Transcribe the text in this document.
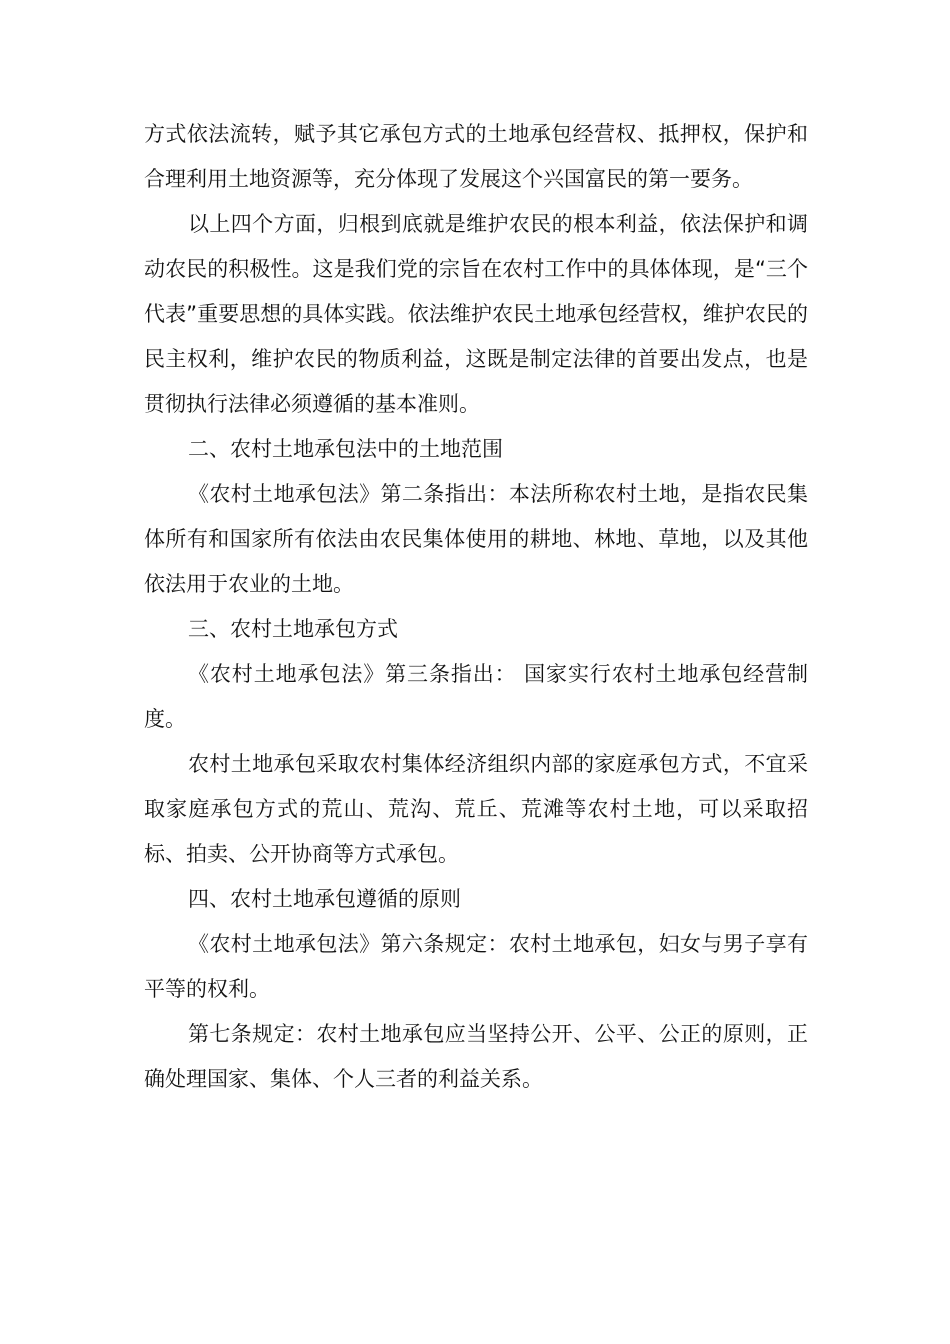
方式依法流转，赋予其它承包方式的土地承包经营权、抵押权，保护和合理利用土地资源等，充分体现了发展这个兴国富民的第一要务。

以上四个方面，归根到底就是维护农民的根本利益，依法保护和调动农民的积极性。这是我们党的宗旨在农村工作中的具体体现，是“三个代表”重要思想的具体实践。依法维护农民土地承包经营权，维护农民的民主权利，维护农民的物质利益，这既是制定法律的首要出发点，也是贯彻执行法律必须遵循的基本准则。

二、农村土地承包法中的土地范围

《农村土地承包法》第二条指出：本法所称农村土地，是指农民集体所有和国家所有依法由农民集体使用的耕地、林地、草地，以及其他依法用于农业的土地。

三、农村土地承包方式

《农村土地承包法》第三条指出： 国家实行农村土地承包经营制度。

农村土地承包采取农村集体经济组织内部的家庭承包方式，不宜采取家庭承包方式的荒山、荒沟、荒丘、荒滩等农村土地，可以采取招标、拍卖、公开协商等方式承包。

四、农村土地承包遵循的原则

《农村土地承包法》第六条规定：农村土地承包，妇女与男子享有平等的权利。

第七条规定：农村土地承包应当坚持公开、公平、公正的原则，正确处理国家、集体、个人三者的利益关系。
